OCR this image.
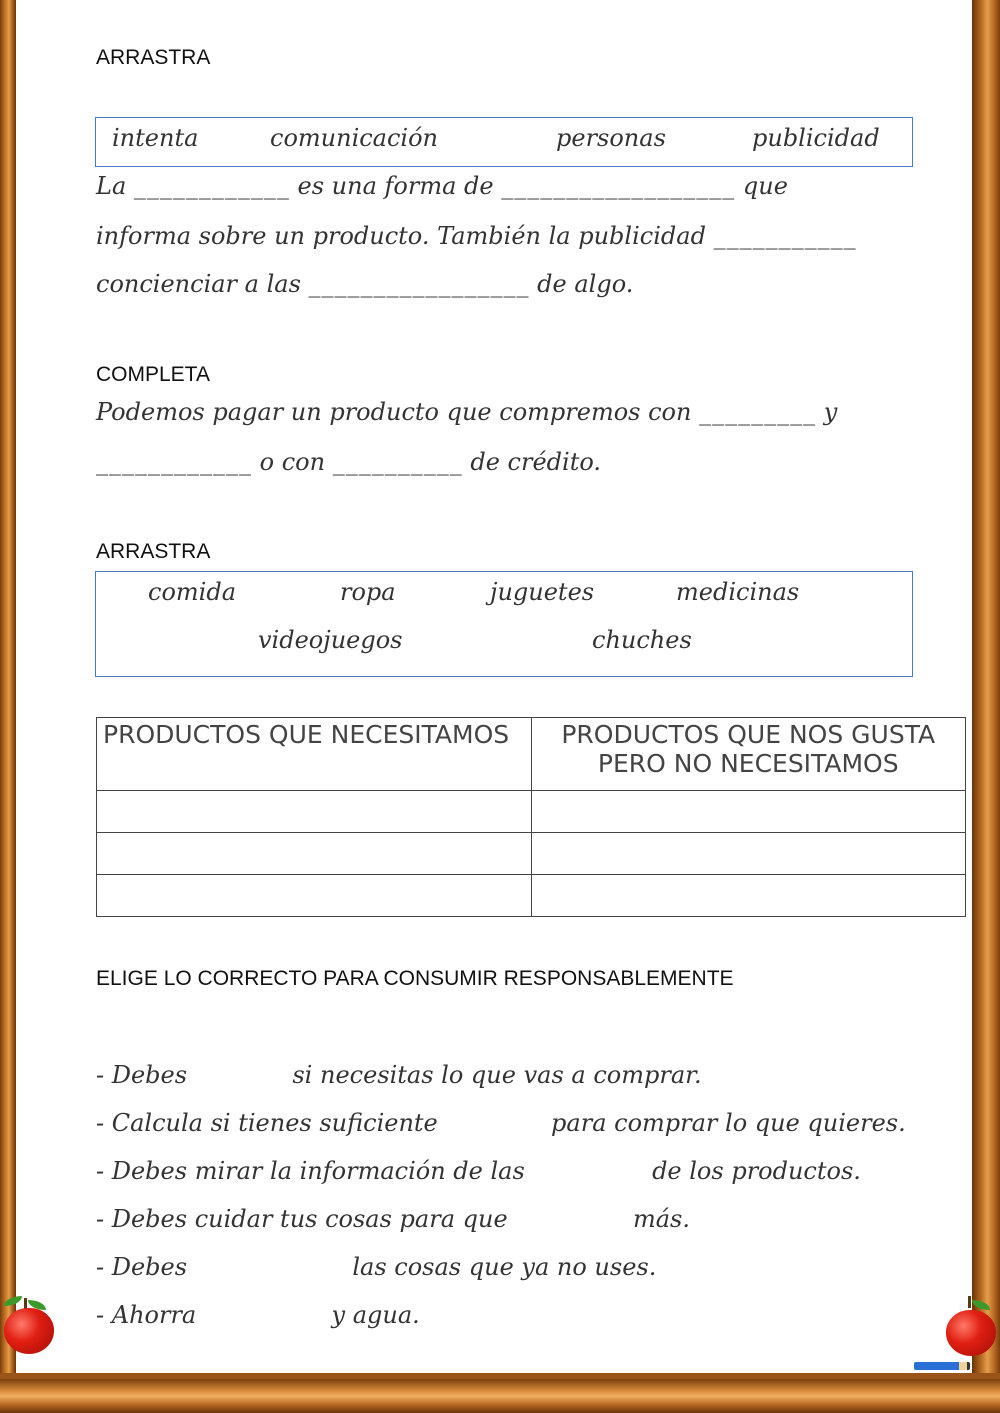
ARRASTRA
intenta	comunicación	personas	publicidad
La ____________ es una forma de __________________ que
informa sobre un producto. También la publicidad ___________
concienciar a las _________________ de algo.
COMPLETA
Podemos pagar un producto que compremos con _________ y
____________ o con __________ de crédito.
ARRASTRA
comida	ropa	juguetes	medicinas
videojuegos	chuches
PRODUCTOS QUE NECESITAMOS	PRODUCTOS QUE NOS GUSTA PERO NO NECESITAMOS

ELIGE LO CORRECTO PARA CONSUMIR RESPONSABLEMENTE
- Debes	si necesitas lo que vas a comprar.
- Calcula si tienes suficiente	para comprar lo que quieres.
- Debes mirar la información de las	de los productos.
- Debes cuidar tus cosas para que	más.
- Debes	las cosas que ya no uses.
- Ahorra	y agua.
